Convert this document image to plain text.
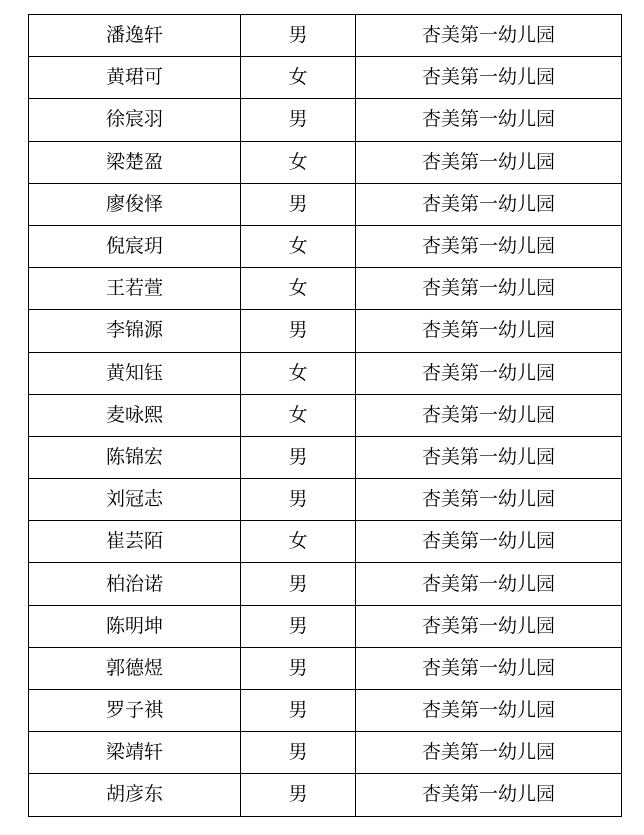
潘逸轩	男	杏美第一幼儿园
黄珺可	女	杏美第一幼儿园
徐宸羽	男	杏美第一幼儿园
梁楚盈	女	杏美第一幼儿园
廖俊怿	男	杏美第一幼儿园
倪宸玥	女	杏美第一幼儿园
王若萱	女	杏美第一幼儿园
李锦源	男	杏美第一幼儿园
黄知钰	女	杏美第一幼儿园
麦咏熙	女	杏美第一幼儿园
陈锦宏	男	杏美第一幼儿园
刘冠志	男	杏美第一幼儿园
崔芸陌	女	杏美第一幼儿园
柏治诺	男	杏美第一幼儿园
陈明坤	男	杏美第一幼儿园
郭德煜	男	杏美第一幼儿园
罗子祺	男	杏美第一幼儿园
梁靖轩	男	杏美第一幼儿园
胡彦东	男	杏美第一幼儿园
